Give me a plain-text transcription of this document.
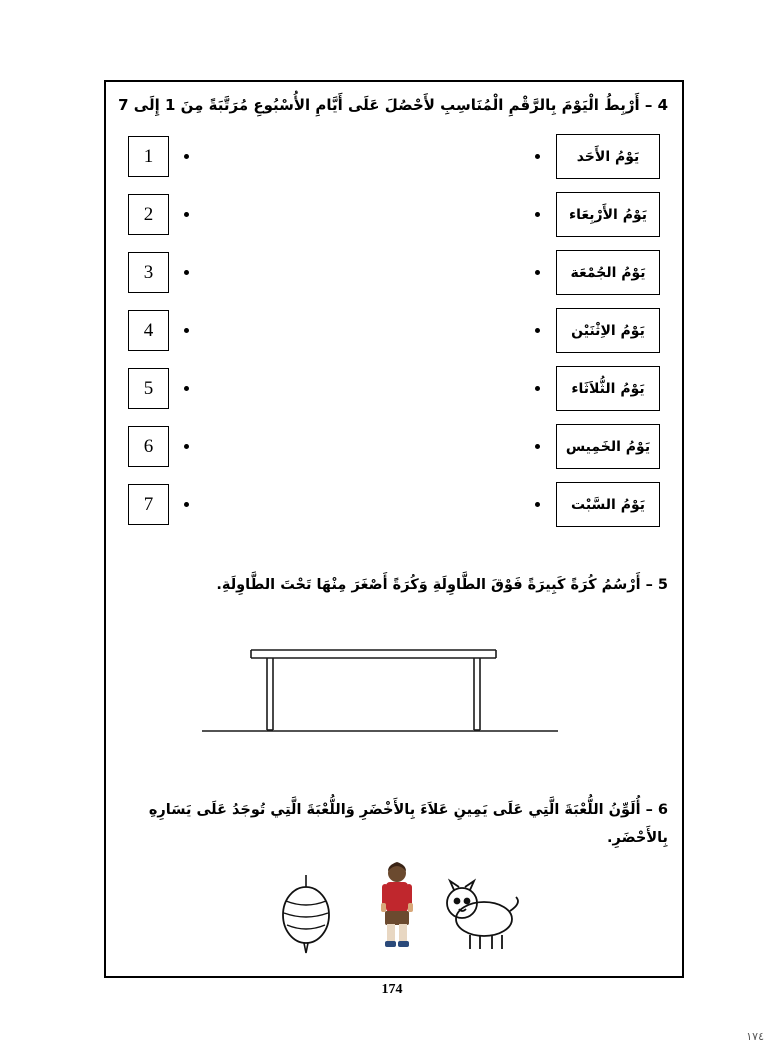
4 – أَرْبِطُ الْيَوْمَ بِالرَّقْمِ الْمُنَاسِبِ لأَحْصُلَ عَلَى أَيَّامِ الأُسْبُوعِ مُرَتَّبَةً مِنَ 1 إِلَى 7
1
2
3
4
5
6
7
يَوْمُ الأَحَد
يَوْمُ الأَرْبِعَاء
يَوْمُ الجُمْعَة
يَوْمُ الاِثْنَيْن
يَوْمُ الثُّلاَثَاء
يَوْمُ الخَمِيس
يَوْمُ السَّبْت
5 – أَرْسُمُ كُرَةً كَبِيرَةً فَوْقَ الطَّاوِلَةِ وَكُرَةً أَصْغَرَ مِنْهَا تَحْتَ الطَّاوِلَةِ.
6 – أُلَوِّنُ اللُّعْبَةَ الَّتِي عَلَى يَمِينِ عَلاَءَ بِالأَخْضَرِ وَاللُّعْبَةَ الَّتِي تُوجَدُ عَلَى يَسَارِهِ بِالأَحْضَرِ.
174
١٧٤
